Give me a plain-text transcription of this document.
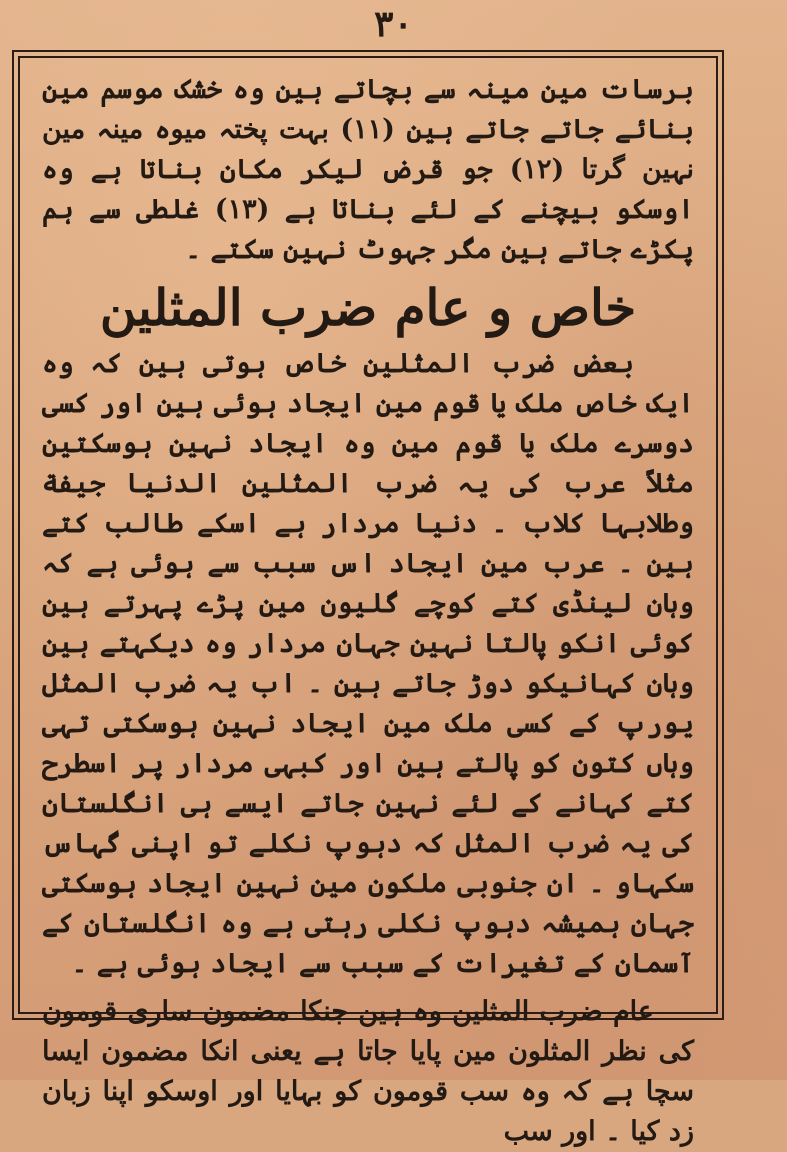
۳۰

برسات مین مینہ سے بچاتے ہین وہ خشک موسم مین بنائے جاتے جاتے ہین (۱۱) بہت پختہ میوہ مینہ مین نہین گرتا (۱۲) جو قرض لیکر مکان بناتا ہے وہ اوسکو بیچنے کے لئے بناتا ہے (۱۳) غلطی سے ہم پکڑے جاتے ہین مگر جہوٹ نہین سکتے ۔

خاص و عام ضرب المثلین

بعض ضرب المثلین خاص ہوتی ہین کہ وہ ایک خاص ملک یا قوم مین ایجاد ہوئی ہین اور کسی دوسرے ملک یا قوم مین وہ ایجاد نہین ہوسکتین مثلاً عرب کی یہ ضرب المثلین الدنیا جیفة وطلابہا کلاب ۔ دنیا مردار ہے اسکے طالب کتے ہین ۔ عرب مین ایجاد اس سبب سے ہوئی ہے کہ وہان لینڈی کتے کوچے گلیون مین پڑے پہرتے ہین کوئی انکو پالتا نہین جہان مردار وہ دیکہتے ہین وہان کہانیکو دوڑ جاتے ہین ۔ اب یہ ضرب المثل یورپ کے کسی ملک مین ایجاد نہین ہوسکتی تہی وہاں کتون کو پالتے ہین اور کبہی مردار پر اسطرح کتے کہانے کے لئے نہین جاتے ایسے ہی انگلستان کی یہ ضرب المثل کہ دہوپ نکلے تو اپنی گہاس سکہاو ۔ ان جنوبی ملکون مین نہین ایجاد ہوسکتی جہان ہمیشہ دہوپ نکلی رہتی ہے وہ انگلستان کے آسمان کے تغیرات کے سبب سے ایجاد ہوئی ہے ۔

عام ضرب المثلین وہ ہین جنکا مضمون ساری قومون کی نظر المثلون مین پایا جاتا ہے یعنی انکا مضمون ایسا سچا ہے کہ وہ سب قومون کو بہایا اور اوسکو اپنا زبان زد کیا ۔ اور سب
